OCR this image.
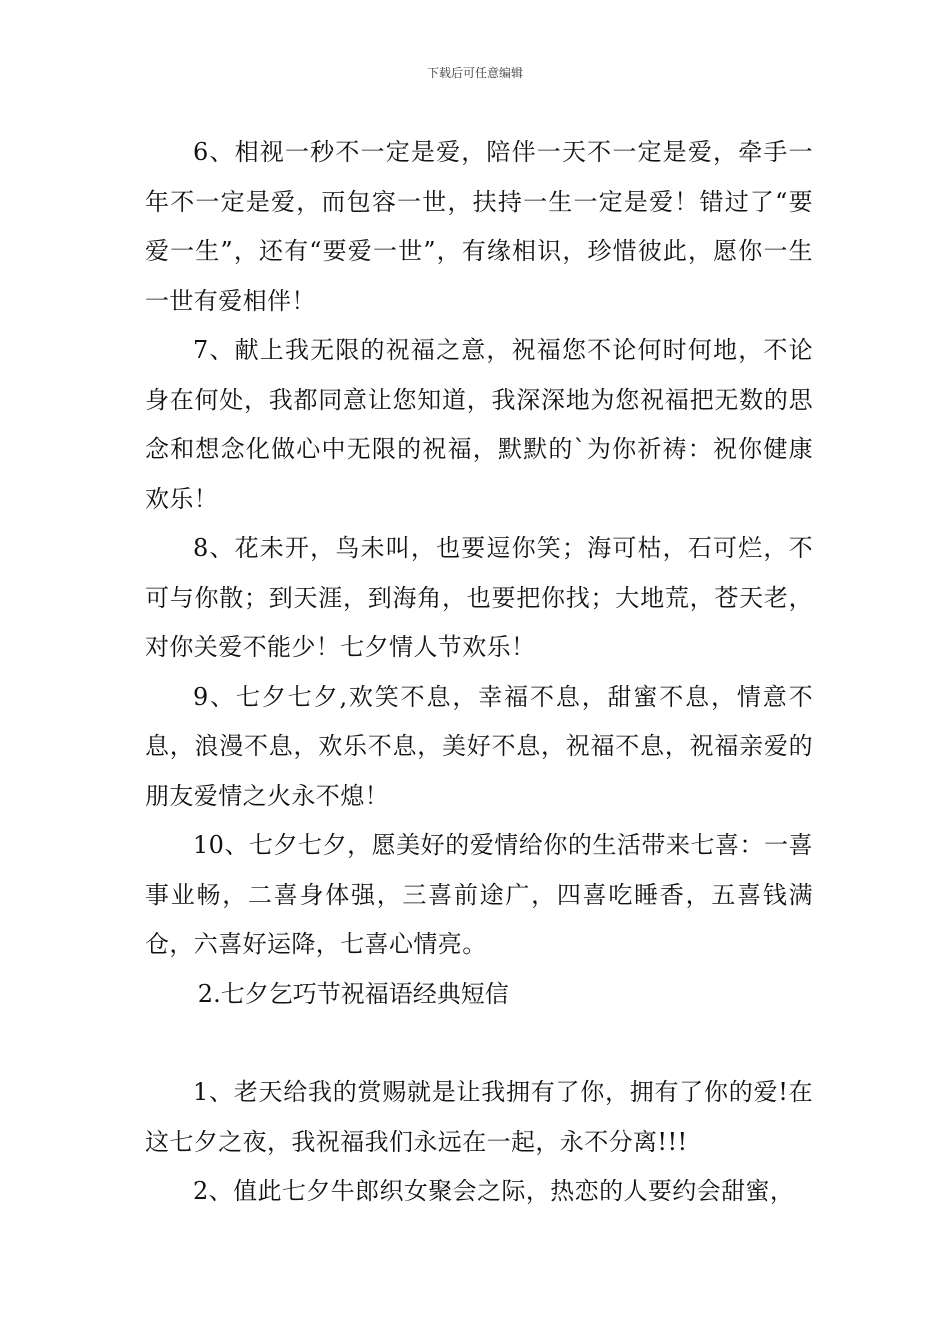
下载后可任意编辑

6、相视一秒不一定是爱，陪伴一天不一定是爱，牵手一年不一定是爱，而包容一世，扶持一生一定是爱！错过了“要爱一生”，还有“要爱一世”，有缘相识，珍惜彼此，愿你一生一世有爱相伴！

7、献上我无限的祝福之意，祝福您不论何时何地，不论身在何处，我都同意让您知道，我深深地为您祝福把无数的思念和想念化做心中无限的祝福，默默的`为你祈祷：祝你健康欢乐！

8、花未开，鸟未叫，也要逗你笑；海可枯，石可烂，不可与你散；到天涯，到海角，也要把你找；大地荒，苍天老，对你关爱不能少！七夕情人节欢乐！

9、七夕七夕,欢笑不息，幸福不息，甜蜜不息，情意不息，浪漫不息，欢乐不息，美好不息，祝福不息，祝福亲爱的朋友爱情之火永不熄！

10、七夕七夕，愿美好的爱情给你的生活带来七喜：一喜事业畅，二喜身体强，三喜前途广，四喜吃睡香，五喜钱满仓，六喜好运降，七喜心情亮。

2.七夕乞巧节祝福语经典短信

1、老天给我的赏赐就是让我拥有了你，拥有了你的爱!在这七夕之夜，我祝福我们永远在一起，永不分离!!!

2、值此七夕牛郎织女聚会之际，热恋的人要约会甜蜜，
